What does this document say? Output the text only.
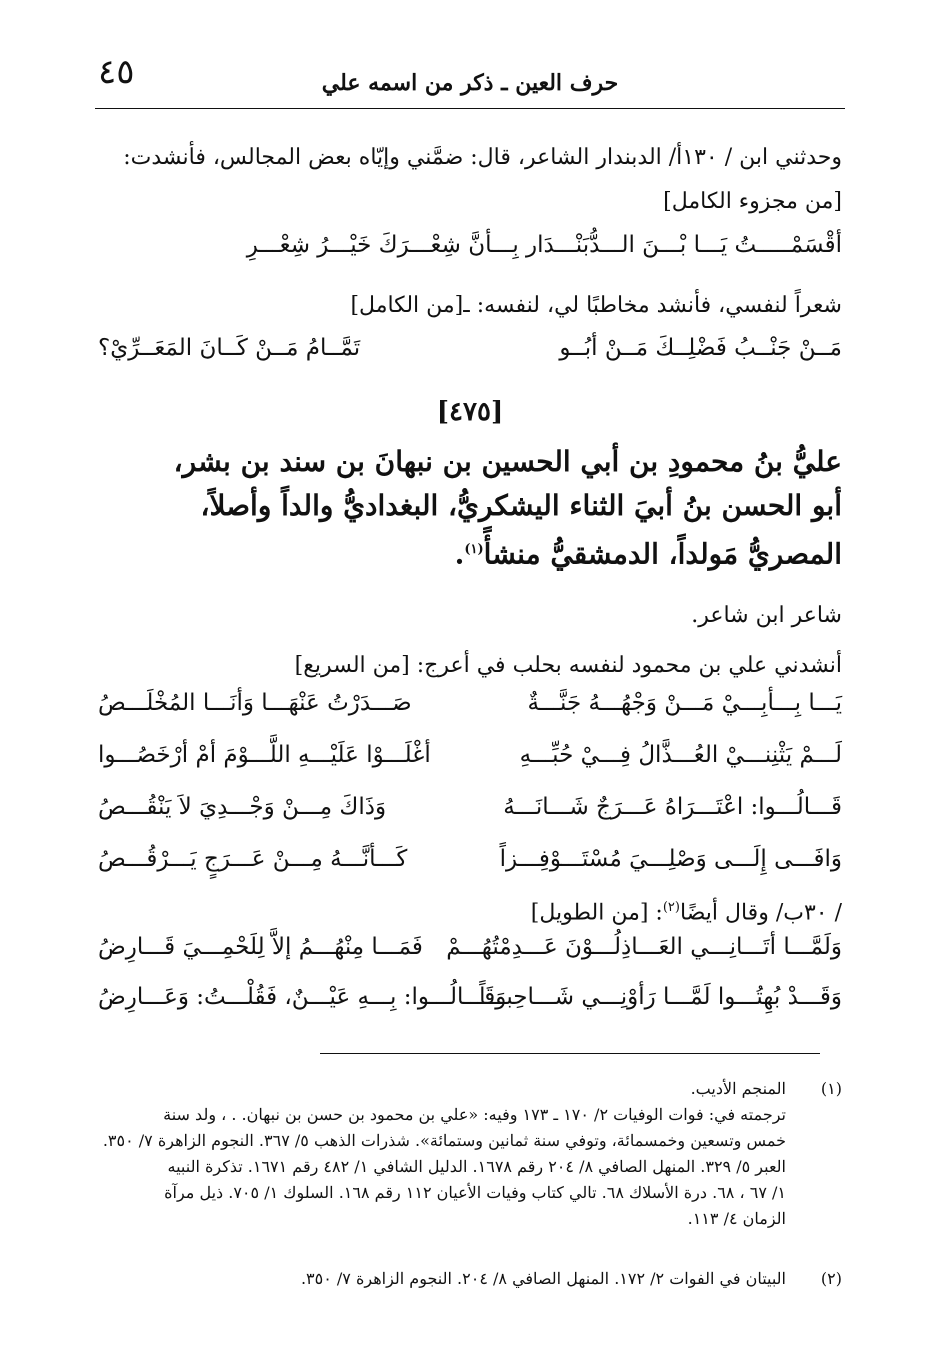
٤٥	حرف العين ـ ذكر من اسمه علي
وحدثني ابن / ١٣٠أ/ الدبندار الشاعر، قال: ضمَّني وإيّاه بعض المجالس، فأنشدت:
[من مجزوء الكامل]
أقْسَمْـــــتُ يَـــا بْـــنَ الـــدُّبَنْـــدَار بِـــأنَّ شِعْـــرَكَ خَيْـــرُ شِعْـــرِ
شعراً لنفسي، فأنشد مخاطبًا لي، لنفسه: ـ[من الكامل]
مَــنْ جَنْــبُ فَضْلِــكَ مَــنْ أبُــو
تَمَّــامُ مَــنْ كَــانَ المَعَــرِّيْ؟
[٤٧٥]
عليُّ بنُ محمودِ بن أبي الحسين بن نبهانَ بن سند بن بشر،
أبو الحسن بنُ أبيَ الثناء اليشكريُّ، البغداديُّ والداً وأصلاً،
المصريُّ مَولداً، الدمشقيُّ منشأً$^{(١)}$.
شاعر ابن شاعر.
أنشدني علي بن محمود لنفسه بحلب في أعرج: [من السريع]
يَـــا بِـــأبِـــيْ مَـــنْ وَجْهُـــهُ جَنَّـــةٌ
صَـــدَرْتُ عَنْهَـــا وَأنَـــا المُخْلَـــصُ
لَـــمْ يَثْنِنـــيْ العُـــذَّالُ فِـــيْ حُبِّـــهِ
أغْلَـــوْا عَلَيْـــهِ اللَّـــوْمَ أمْ أرْخَصُـــوا
قَـــالُـــوا: اعْتَـــرَاهُ عَـــرَجٌ شَـــانَـــهُ
وَذَاكَ مِـــنْ وَجْـــدِيَ لاَ يَنْقُـــصُ
وَافَـــى إِلَـــى وَصْلِـــيَ مُسْتَـــوْفِـــزاً
كَـــأنَّـــهُ مِـــنْ عَـــرَجٍ يَـــرْقُـــصُ
/ ٣٠ب/ وقال أيضًا$^{(٢)}$: [من الطويل]
وَلَمَّـــا أتَـــانِـــي العَـــاذِلُـــوْنَ عَـــدِمْتُهُـــمْ
فَمَـــا مِنْهُـــمُ إلاَّ لِلَحْمِـــيَ قَـــارِضُ
وَقَـــدْ بُهِتُـــوا لَمَّـــا رَأوْنِـــي شَـــاحِبـــاً
وَقَـــالُـــوا: بِـــهِ عَيْـــنٌ، فَقُلْـــتُ: وَعَـــارِضُ
(١)
المنجم الأديب.
ترجمته في: فوات الوفيات ٢/ ١٧٠ ـ ١٧٣ وفيه: «علي بن محمود بن حسن بن نبهان. . ، ولد سنة
خمس وتسعين وخمسمائة، وتوفي سنة ثمانين وستمائة». شذرات الذهب ٥/ ٣٦٧. النجوم الزاهرة ٧/ ٣٥٠.
العبر ٥/ ٣٢٩. المنهل الصافي ٨/ ٢٠٤ رقم ١٦٧٨. الدليل الشافي ١/ ٤٨٢ رقم ١٦٧١. تذكرة النبيه
١/ ٦٧ ، ٦٨. درة الأسلاك ٦٨. تالي كتاب وفيات الأعيان ١١٢ رقم ١٦٨. السلوك ١/ ٧٠٥. ذيل مرآة
الزمان ٤/ ١١٣.
(٢)
البيتان في الفوات ٢/ ١٧٢. المنهل الصافي ٨/ ٢٠٤. النجوم الزاهرة ٧/ ٣٥٠.
